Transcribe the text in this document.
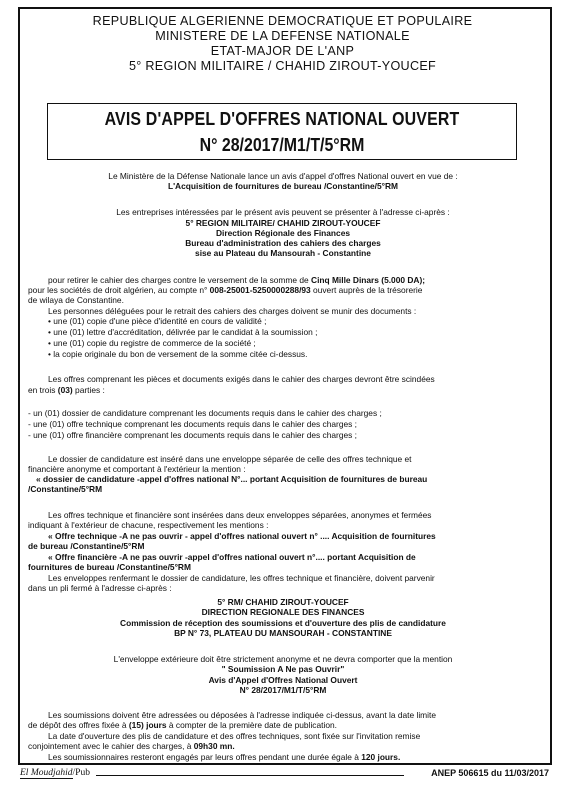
REPUBLIQUE ALGERIENNE DEMOCRATIQUE ET POPULAIRE
MINISTERE DE LA DEFENSE NATIONALE
ETAT-MAJOR DE L'ANP
5° REGION MILITAIRE / CHAHID ZIROUT-YOUCEF
AVIS D'APPEL D'OFFRES NATIONAL OUVERT
N° 28/2017/M1/T/5°RM
Le Ministère de la Défense Nationale lance un avis d'appel d'offres National ouvert en vue de :
L'Acquisition de fournitures de bureau /Constantine/5°RM
Les entreprises intéressées par le présent avis peuvent se présenter à l'adresse ci-après :
5° REGION MILITAIRE/ CHAHID ZIROUT-YOUCEF
Direction Régionale des Finances
Bureau d'administration des cahiers des charges
sise au Plateau du Mansourah - Constantine
pour retirer le cahier des charges contre le versement de la somme de Cinq Mille Dinars (5.000 DA);
pour les sociétés de droit algérien, au compte n° 008-25001-5250000288/93 ouvert auprès de la trésorerie
de wilaya de Constantine.
Les personnes déléguées pour le retrait des cahiers des charges doivent se munir des documents :
• une (01) copie d'une pièce d'identité en cours de validité ;
• une (01) lettre d'accréditation, délivrée par le candidat à la soumission ;
• une (01) copie du registre de commerce de la société ;
• la copie originale du bon de versement de la somme citée ci-dessus.
Les offres comprenant les pièces et documents exigés dans le cahier des charges devront être scindées
en trois (03) parties :
- un (01) dossier de candidature comprenant les documents requis dans le cahier des charges ;
- une (01) offre technique comprenant les documents requis dans le cahier des charges ;
- une (01) offre financière comprenant les documents requis dans le cahier des charges ;
Le dossier de candidature est inséré dans une enveloppe séparée de celle des offres technique et
financière anonyme et comportant à l'extérieur la mention :
« dossier de candidature -appel d'offres national N°... portant Acquisition de fournitures de bureau
/Constantine/5°RM
Les offres technique et financière sont insérées dans deux enveloppes séparées, anonymes et fermées
indiquant à l'extérieur de chacune, respectivement les mentions :
« Offre technique -A ne pas ouvrir - appel d'offres national ouvert n° .... Acquisition de fournitures
de bureau /Constantine/5°RM
« Offre financière -A ne pas ouvrir -appel d'offres national ouvert n°.... portant Acquisition de
fournitures de bureau /Constantine/5°RM
Les enveloppes renfermant le dossier de candidature, les offres technique et financière, doivent parvenir
dans un pli fermé à l'adresse ci-après :
5° RM/ CHAHID ZIROUT-YOUCEF
DIRECTION REGIONALE DES FINANCES
Commission de réception des soumissions et d'ouverture des plis de candidature
BP N° 73, PLATEAU DU MANSOURAH - CONSTANTINE
L'enveloppe extérieure doit être strictement anonyme et ne devra comporter que la mention
" Soumission A Ne pas Ouvrir"
Avis d'Appel d'Offres National Ouvert
N° 28/2017/M1/T/5°RM
Les soumissions doivent être adressées ou déposées à l'adresse indiquée ci-dessus, avant la date limite
de dépôt des offres fixée à (15) jours à compter de la première date de publication.
La date d'ouverture des plis de candidature et des offres techniques, sont fixée sur l'invitation remise
conjointement avec le cahier des charges, à 09h30 mn.
Les soumissionnaires resteront engagés par leurs offres pendant une durée égale à 120 jours.
El Moudjahid/Pub	ANEP 506615 du 11/03/2017
